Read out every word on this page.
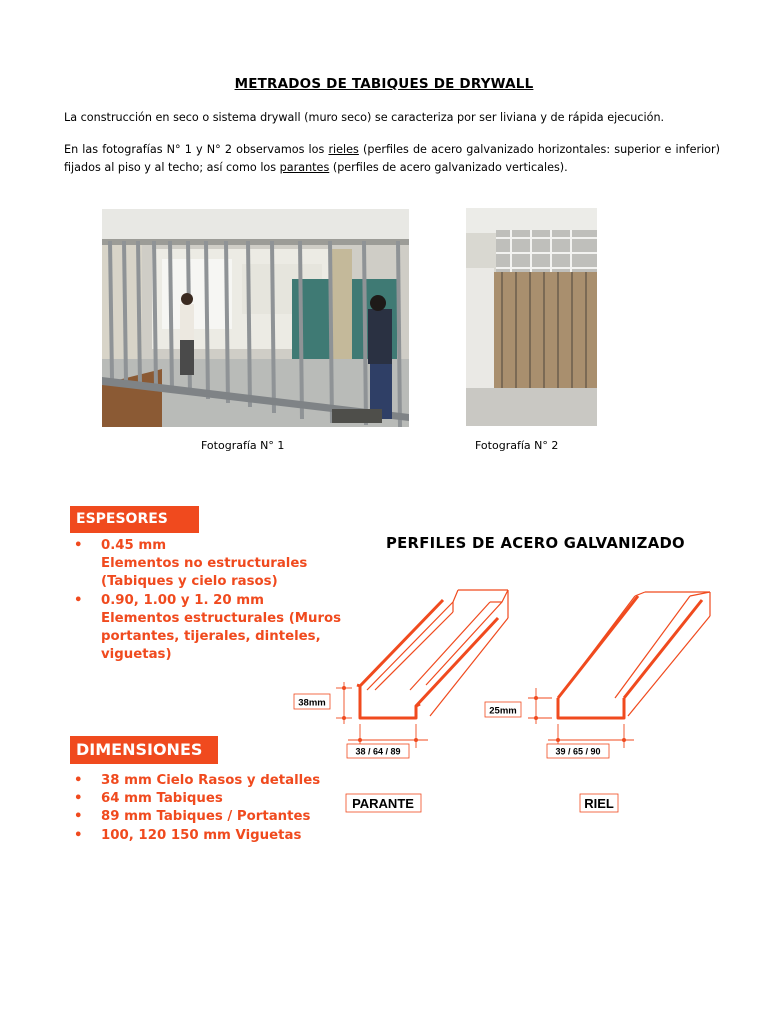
METRADOS DE TABIQUES DE DRYWALL
La construcción en seco o sistema drywall (muro seco) se caracteriza por ser liviana y de rápida ejecución.
En las fotografías N° 1 y N° 2 observamos los rieles (perfiles de acero galvanizado horizontales: superior e inferior) fijados al piso y al techo; así como los parantes (perfiles de acero galvanizado verticales).
Fotografía N° 1	Fotografía N° 2
ESPESORES
• 0.45 mm
Elementos no estructurales (Tabiques y cielo rasos)
• 0.90, 1.00 y 1. 20 mm
Elementos estructurales (Muros portantes, tijerales, dinteles, viguetas)
DIMENSIONES
• 38 mm Cielo Rasos y detalles
• 64 mm Tabiques
• 89 mm Tabiques / Portantes
• 100, 120 150 mm Viguetas
PERFILES DE ACERO GALVANIZADO
38mm
38 / 64 / 89
25mm
39 / 65 / 90
PARANTE	RIEL
